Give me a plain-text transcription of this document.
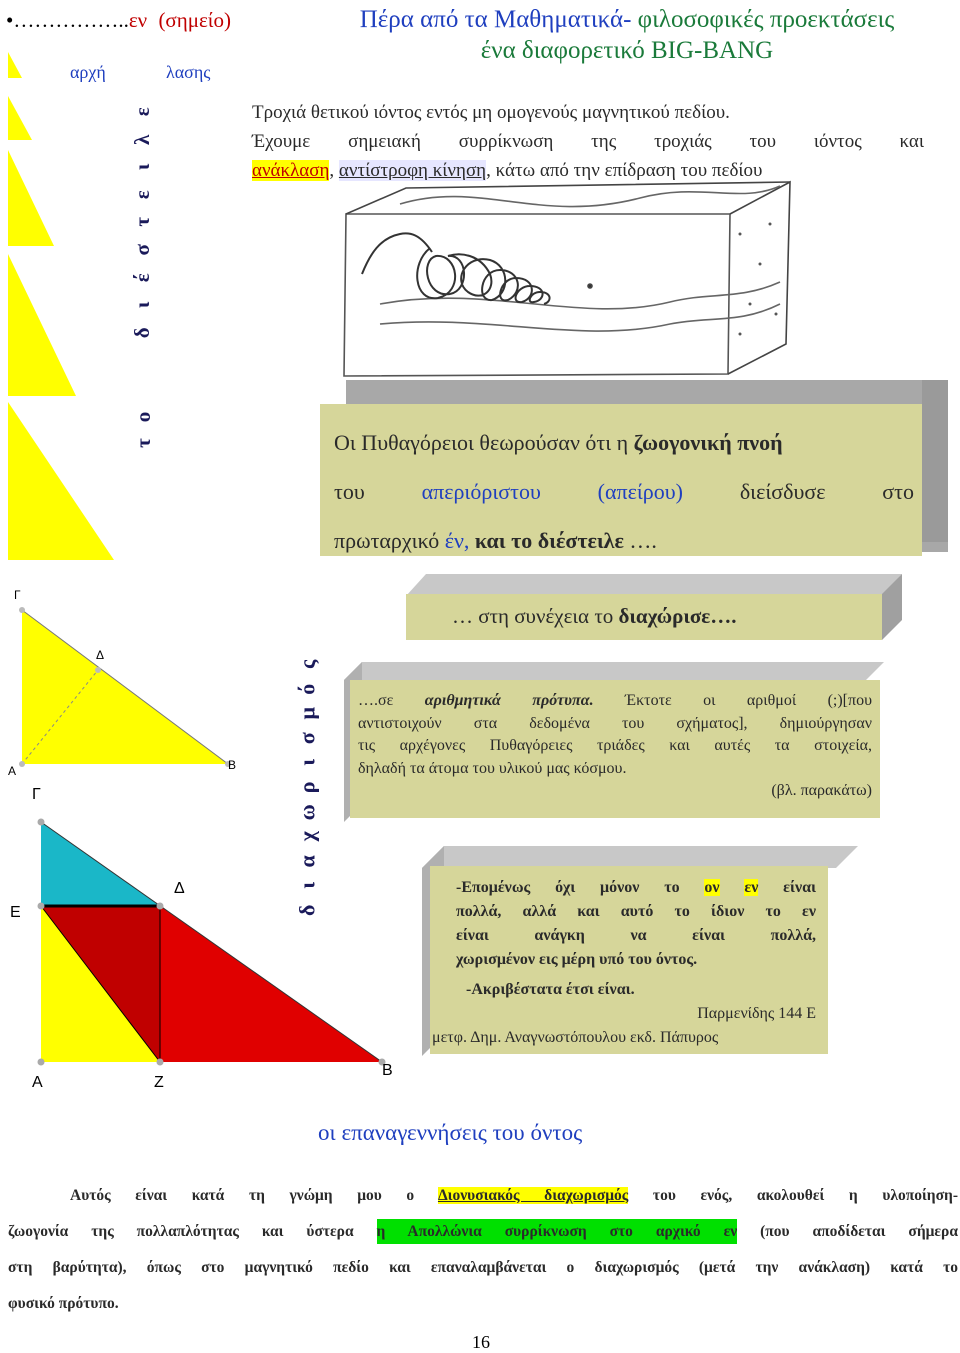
•……………..εν (σημείο)
αρχή	λασης
Πέρα από τα Μαθηματικά- φιλοσοφικές προεκτάσεις
ένα διαφορετικό BIG-BANG
ε
λ
ι
ε
τ
σ
έ
ι
δ
ο
τ
Τροχιά θετικού ιόντος εντός μη ομογενούς μαγνητικού πεδίου.
Έχουμε σημειακή συρρίκνωση της τροχιάς του ιόντος και
ανάκλαση, αντίστροφη κίνηση, κάτω από την επίδραση του πεδίου
Οι Πυθαγόρειοι θεωρούσαν ότι η ζωογονική πνοή
του απεριόριστου (απείρου) διείσδυσε στο
πρωταρχικό έν, και το διέστειλε ….
… στη συνέχεια το διαχώρισε….
Γ
Δ
Α	Β
Γ
Δ
Ε
Α	Ζ
Β
ς
ό
μ
σ
ι
ρ
ω
χ
α
ι
δ
….σε αριθμητικά πρότυπα. Έκτοτε οι αριθμοί (;)[που
αντιστοιχούν στα δεδομένα του σχήματος], δημιούργησαν
τις αρχέγονες Πυθαγόρειες τριάδες και αυτές τα στοιχεία,
δηλαδή τα άτομα του υλικού μας κόσμου.
(βλ. παρακάτω)
-Επομένως όχι μόνον το ον εν είναι
πολλά, αλλά και αυτό το ίδιον το εν
είναι ανάγκη να είναι πολλά,
χωρισμένον εις μέρη υπό του όντος.
-Ακριβέστατα έτσι είναι.
Παρμενίδης 144 Ε
μετφ. Δημ. Αναγνωστόπουλου εκδ. Πάπυρος
οι επαναγεννήσεις του όντος
Αυτός είναι κατά τη γνώμη μου ο Διονυσιακός διαχωρισμός του ενός, ακολουθεί η υλοποίηση-
ζωογονία της πολλαπλότητας και ύστερα η Απολλώνια συρρίκνωση στο αρχικό εν (που αποδίδεται σήμερα
στη βαρύτητα), όπως στο μαγνητικό πεδίο και επαναλαμβάνεται ο διαχωρισμός (μετά την ανάκλαση) κατά το
φυσικό πρότυπο.
16
